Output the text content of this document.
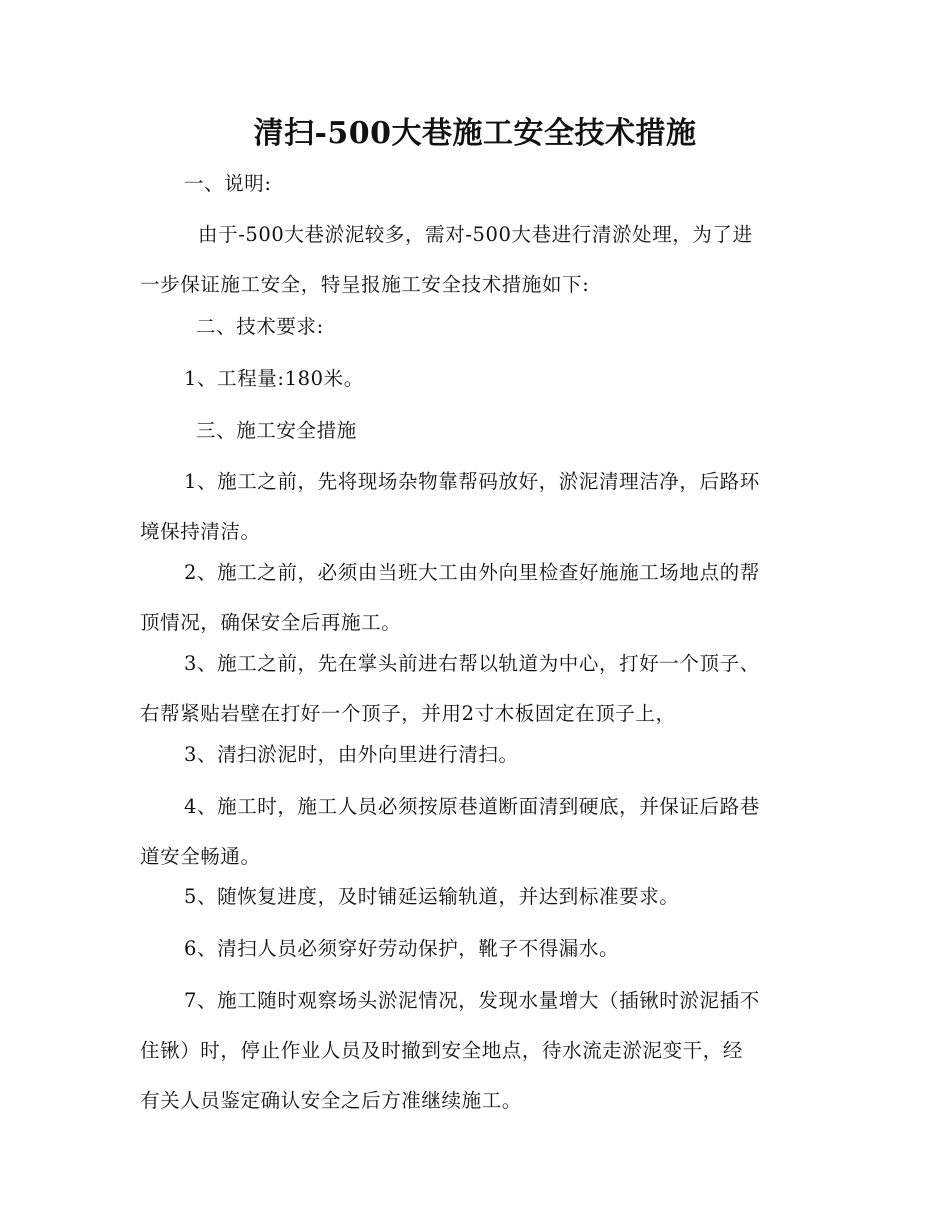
清扫-500大巷施工安全技术措施
一、说明:
由于-500大巷淤泥较多，需对-500大巷进行清淤处理，为了进
一步保证施工安全，特呈报施工安全技术措施如下:
二、技术要求:
1、工程量:180米。
三、施工安全措施
1、施工之前，先将现场杂物靠帮码放好，淤泥清理洁净，后路环
境保持清洁。
2、施工之前，必须由当班大工由外向里检查好施施工场地点的帮
顶情况，确保安全后再施工。
3、施工之前，先在掌头前进右帮以轨道为中心，打好一个顶子、
右帮紧贴岩壁在打好一个顶子，并用2寸木板固定在顶子上，
3、清扫淤泥时，由外向里进行清扫。
4、施工时，施工人员必须按原巷道断面清到硬底，并保证后路巷
道安全畅通。
5、随恢复进度，及时铺延运输轨道，并达到标准要求。
6、清扫人员必须穿好劳动保护，靴子不得漏水。
7、施工随时观察场头淤泥情况，发现水量增大（插锹时淤泥插不
住锹）时，停止作业人员及时撤到安全地点，待水流走淤泥变干，经
有关人员鉴定确认安全之后方准继续施工。
